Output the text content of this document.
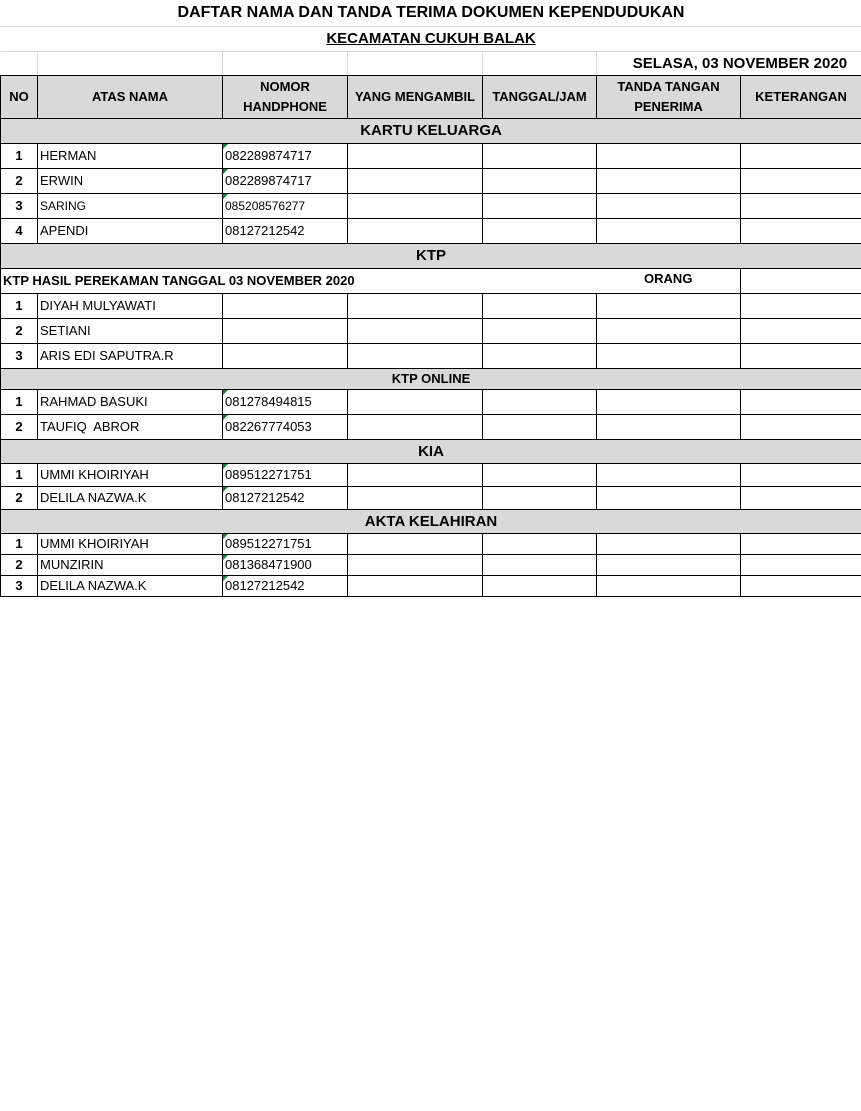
DAFTAR NAMA DAN TANDA TERIMA DOKUMEN KEPENDUDUKAN						
KECAMATAN CUKUH BALAK						
					SELASA, 03 NOVEMBER 2020	
NO	ATAS NAMA	NOMOR HANDPHONE	YANG MENGAMBIL	TANGGAL/JAM	TANDA TANGAN PENERIMA	KETERANGAN
KARTU KELUARGA						
1	HERMAN	082289874717				
2	ERWIN	082289874717				
3	SARING	085208576277				
4	APENDI	08127212542				
KTP						
KTP HASIL PEREKAMAN TANGGAL 03 NOVEMBER 2020					ORANG	
1	DIYAH MULYAWATI					
2	SETIANI					
3	ARIS EDI SAPUTRA.R					
KTP ONLINE						
1	RAHMAD BASUKI	081278494815				
2	TAUFIQ  ABROR	082267774053				
KIA						
1	UMMI KHOIRIYAH	089512271751				
2	DELILA NAZWA.K	08127212542				
AKTA KELAHIRAN						
1	UMMI KHOIRIYAH	089512271751				
2	MUNZIRIN	081368471900				
3	DELILA NAZWA.K	08127212542				
